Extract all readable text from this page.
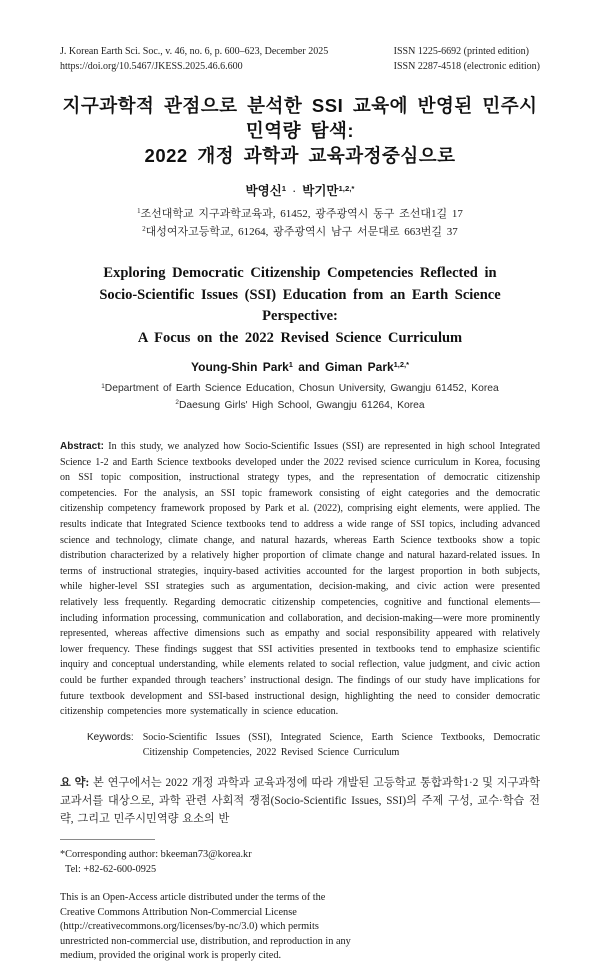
J. Korean Earth Sci. Soc., v. 46, no. 6, p. 600–623, December 2025
https://doi.org/10.5467/JKESS.2025.46.6.600
ISSN 1225-6692 (printed edition)
ISSN 2287-4518 (electronic edition)
지구과학적 관점으로 분석한 SSI 교육에 반영된 민주시민역량 탐색:
2022 개정 과학과 교육과정중심으로
박영신$^1$ · 박기만$^{1,2,*}$
$^1$조선대학교 지구과학교육과, 61452, 광주광역시 동구 조선대1길 17
$^2$대성여자고등학교, 61264, 광주광역시 남구 서문대로 663번길 37
Exploring Democratic Citizenship Competencies Reflected in
Socio-Scientific Issues (SSI) Education from an Earth Science Perspective:
A Focus on the 2022 Revised Science Curriculum
Young-Shin Park$^1$ and Giman Park$^{1,2,*}$
$^1$Department of Earth Science Education, Chosun University, Gwangju 61452, Korea
$^2$Daesung Girls' High School, Gwangju 61264, Korea

Abstract: In this study, we analyzed how Socio-Scientific Issues (SSI) are represented in high school Integrated Science 1-2 and Earth Science textbooks developed under the 2022 revised science curriculum in Korea, focusing on SSI topic composition, instructional strategy types, and the representation of democratic citizenship competencies. For the analysis, an SSI topic framework consisting of eight categories and the democratic citizenship competency framework proposed by Park et al. (2022), comprising eight elements, were applied. The results indicate that Integrated Science textbooks tend to address a wide range of SSI topics, including advanced science and technology, climate change, and natural hazards, whereas Earth Science textbooks show a topic distribution characterized by a relatively higher proportion of climate change and natural hazard-related issues. In terms of instructional strategies, inquiry-based activities accounted for the largest proportion in both subjects, while higher-level SSI strategies such as argumentation, decision-making, and civic action were presented relatively less frequently. Regarding democratic citizenship competencies, cognitive and functional elements—including information processing, communication and collaboration, and decision-making—were more prominently represented, whereas affective dimensions such as empathy and social responsibility appeared with relatively lower frequency. These findings suggest that SSI activities presented in textbooks tend to emphasize scientific inquiry and conceptual understanding, while elements related to social reflection, value judgment, and civic action could be further expanded through teachers’ instructional design. The findings of our study have implications for future textbook development and SSI-based instructional design, highlighting the need to consider democratic citizenship competencies more systematically in science education.

Keywords: Socio-Scientific Issues (SSI), Integrated Science, Earth Science Textbooks, Democratic Citizenship Competencies, 2022 Revised Science Curriculum

요 약: 본 연구에서는 2022 개정 과학과 교육과정에 따라 개발된 고등학교 통합과학1·2 및 지구과학 교과서를 대상으로, 과학 관련 사회적 쟁점(Socio-Scientific Issues, SSI)의 주제 구성, 교수·학습 전략, 그리고 민주시민역량 요소의 반

*Corresponding author: bkeeman73@korea.kr
Tel: +82-62-600-0925

This is an Open-Access article distributed under the terms of the Creative Commons Attribution Non-Commercial License (http://creativecommons.org/licenses/by-nc/3.0) which permits unrestricted non-commercial use, distribution, and reproduction in any medium, provided the original work is properly cited.
